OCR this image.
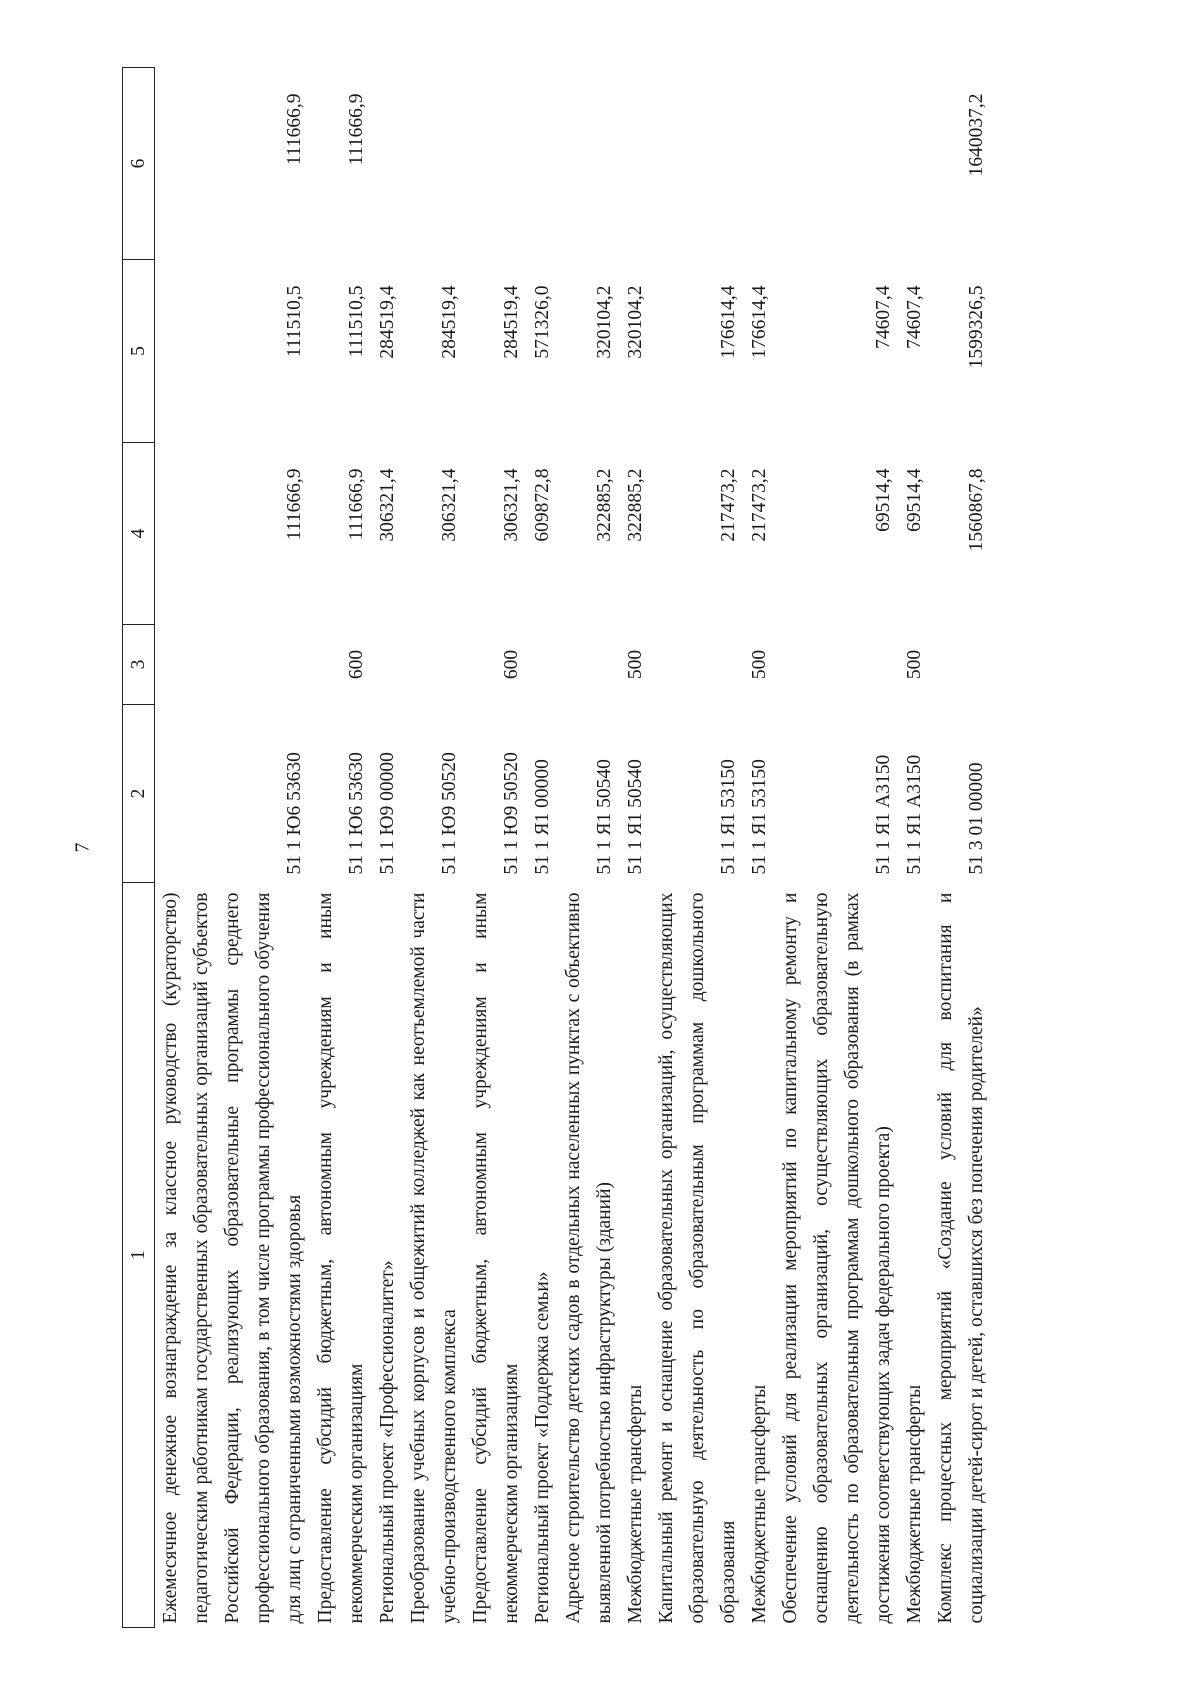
7
1	2	3	4	5	6
Ежемесячное денежное вознаграждение за классное руководство (кураторство) педагогическим работникам государственных образовательных организаций субъектов Российской Федерации, реализующих образовательные программы среднего профессионального образования, в том числе программы профессионального обучения для лиц с ограниченными возможностями здоровья	51 1 Ю6 53630		111666,9	111510,5	111666,9
Предоставление субсидий бюджетным, автономным учреждениям и иным некоммерческим организациям	51 1 Ю6 53630	600	111666,9	111510,5	111666,9
Региональный проект «Профессионалитет»	51 1 Ю9 00000		306321,4	284519,4	
Преобразование учебных корпусов и общежитий колледжей как неотъемлемой части учебно-производственного комплекса	51 1 Ю9 50520		306321,4	284519,4	
Предоставление субсидий бюджетным, автономным учреждениям и иным некоммерческим организациям	51 1 Ю9 50520	600	306321,4	284519,4	
Региональный проект «Поддержка семьи»	51 1 Я1 00000		609872,8	571326,0	
Адресное строительство детских садов в отдельных населенных пунктах с объективно выявленной потребностью инфраструктуры (зданий)	51 1 Я1 50540		322885,2	320104,2	
Межбюджетные трансферты	51 1 Я1 50540	500	322885,2	320104,2	
Капитальный ремонт и оснащение образовательных организаций, осуществляющих образовательную деятельность по образовательным программам дошкольного образования	51 1 Я1 53150		217473,2	176614,4	
Межбюджетные трансферты	51 1 Я1 53150	500	217473,2	176614,4	
Обеспечение условий для реализации мероприятий по капитальному ремонту и оснащению образовательных организаций, осуществляющих образовательную деятельность по образовательным программам дошкольного образования (в рамках достижения соответствующих задач федерального проекта)	51 1 Я1 А3150		69514,4	74607,4	
Межбюджетные трансферты	51 1 Я1 А3150	500	69514,4	74607,4	
Комплекс процессных мероприятий «Создание условий для воспитания и социализации детей-сирот и детей, оставшихся без попечения родителей»	51 3 01 00000		1560867,8	1599326,5	1640037,2
